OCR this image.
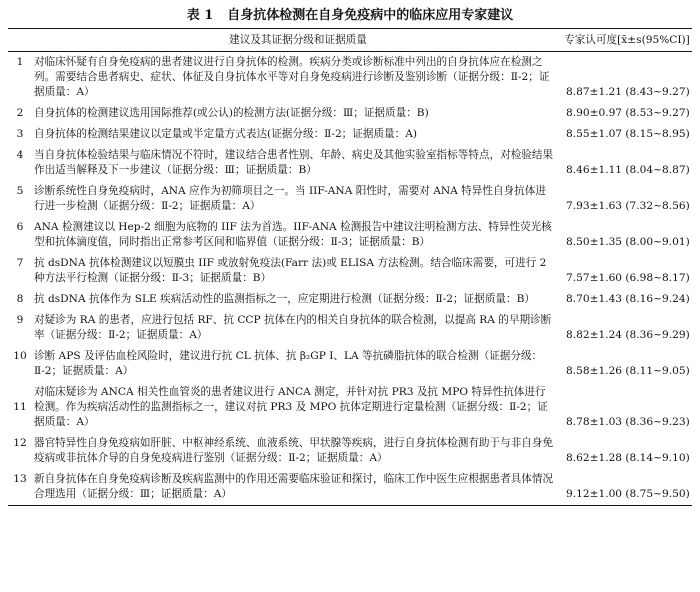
表 1 自身抗体检测在自身免疫病中的临床应用专家建议
	建议及其证据分级和证据质量	专家认可度[x̄±s(95%CI)]
1	对临床怀疑有自身免疫病的患者建议进行自身抗体的检测。疾病分类或诊断标准中列出的自身抗体应在检测之列。需要结合患者病史、症状、体征及自身抗体水平等对自身免疫病进行诊断及鉴别诊断（证据分级：Ⅱ-2；证据质量：A）	8.87±1.21 (8.43~9.27)
2	自身抗体的检测建议选用国际推荐(或公认)的检测方法(证据分级：Ⅲ；证据质量：B)	8.90±0.97 (8.53~9.27)
3	自身抗体的检测结果建议以定量或半定量方式表达(证据分级：Ⅱ-2；证据质量：A)	8.55±1.07 (8.15~8.95)
4	当自身抗体检验结果与临床情况不符时，建议结合患者性别、年龄、病史及其他实验室指标等特点，对检验结果作出适当解释及下一步建议（证据分级：Ⅲ；证据质量：B）	8.46±1.11 (8.04~8.87)
5	诊断系统性自身免疫病时，ANA 应作为初筛项目之一。当 IIF-ANA 阳性时，需要对 ANA 特异性自身抗体进行进一步检测（证据分级：Ⅱ-2；证据质量：A）	7.93±1.63 (7.32~8.56)
6	ANA 检测建议以 Hep-2 细胞为底物的 IIF 法为首选。IIF-ANA 检测报告中建议注明检测方法、特异性荧光核型和抗体滴度值，同时指出正常参考区间和临界值（证据分级：Ⅱ-3；证据质量：B）	8.50±1.35 (8.00~9.01)
7	抗 dsDNA 抗体检测建议以短膜虫 IIF 或放射免疫法(Farr 法)或 ELISA 方法检测。结合临床需要，可进行 2 种方法平行检测（证据分级：Ⅱ-3；证据质量：B）	7.57±1.60 (6.98~8.17)
8	抗 dsDNA 抗体作为 SLE 疾病活动性的监测指标之一，应定期进行检测（证据分级：Ⅱ-2；证据质量：B）	8.70±1.43 (8.16~9.24)
9	对疑诊为 RA 的患者，应进行包括 RF、抗 CCP 抗体在内的相关自身抗体的联合检测，以提高 RA 的早期诊断率（证据分级：Ⅱ-2；证据质量：A）	8.82±1.24 (8.36~9.29)
10	诊断 APS 及评估血栓风险时，建议进行抗 CL 抗体、抗 β₂GP Ⅰ、LA 等抗磷脂抗体的联合检测（证据分级：Ⅱ-2；证据质量：A）	8.58±1.26 (8.11~9.05)
11	对临床疑诊为 ANCA 相关性血管炎的患者建议进行 ANCA 测定，并针对抗 PR3 及抗 MPO 特异性抗体进行检测。作为疾病活动性的监测指标之一，建议对抗 PR3 及 MPO 抗体定期进行定量检测（证据分级：Ⅱ-2；证据质量：A）	8.78±1.03 (8.36~9.23)
12	器官特异性自身免疫病如肝脏、中枢神经系统、血液系统、甲状腺等疾病，进行自身抗体检测有助于与非自身免疫病或非抗体介导的自身免疫病进行鉴别（证据分级：Ⅱ-2；证据质量：A）	8.62±1.28 (8.14~9.10)
13	新自身抗体在自身免疫病诊断及疾病监测中的作用还需要临床验证和探讨，临床工作中医生应根据患者具体情况合理选用（证据分级：Ⅲ；证据质量：A）	9.12±1.00 (8.75~9.50)
